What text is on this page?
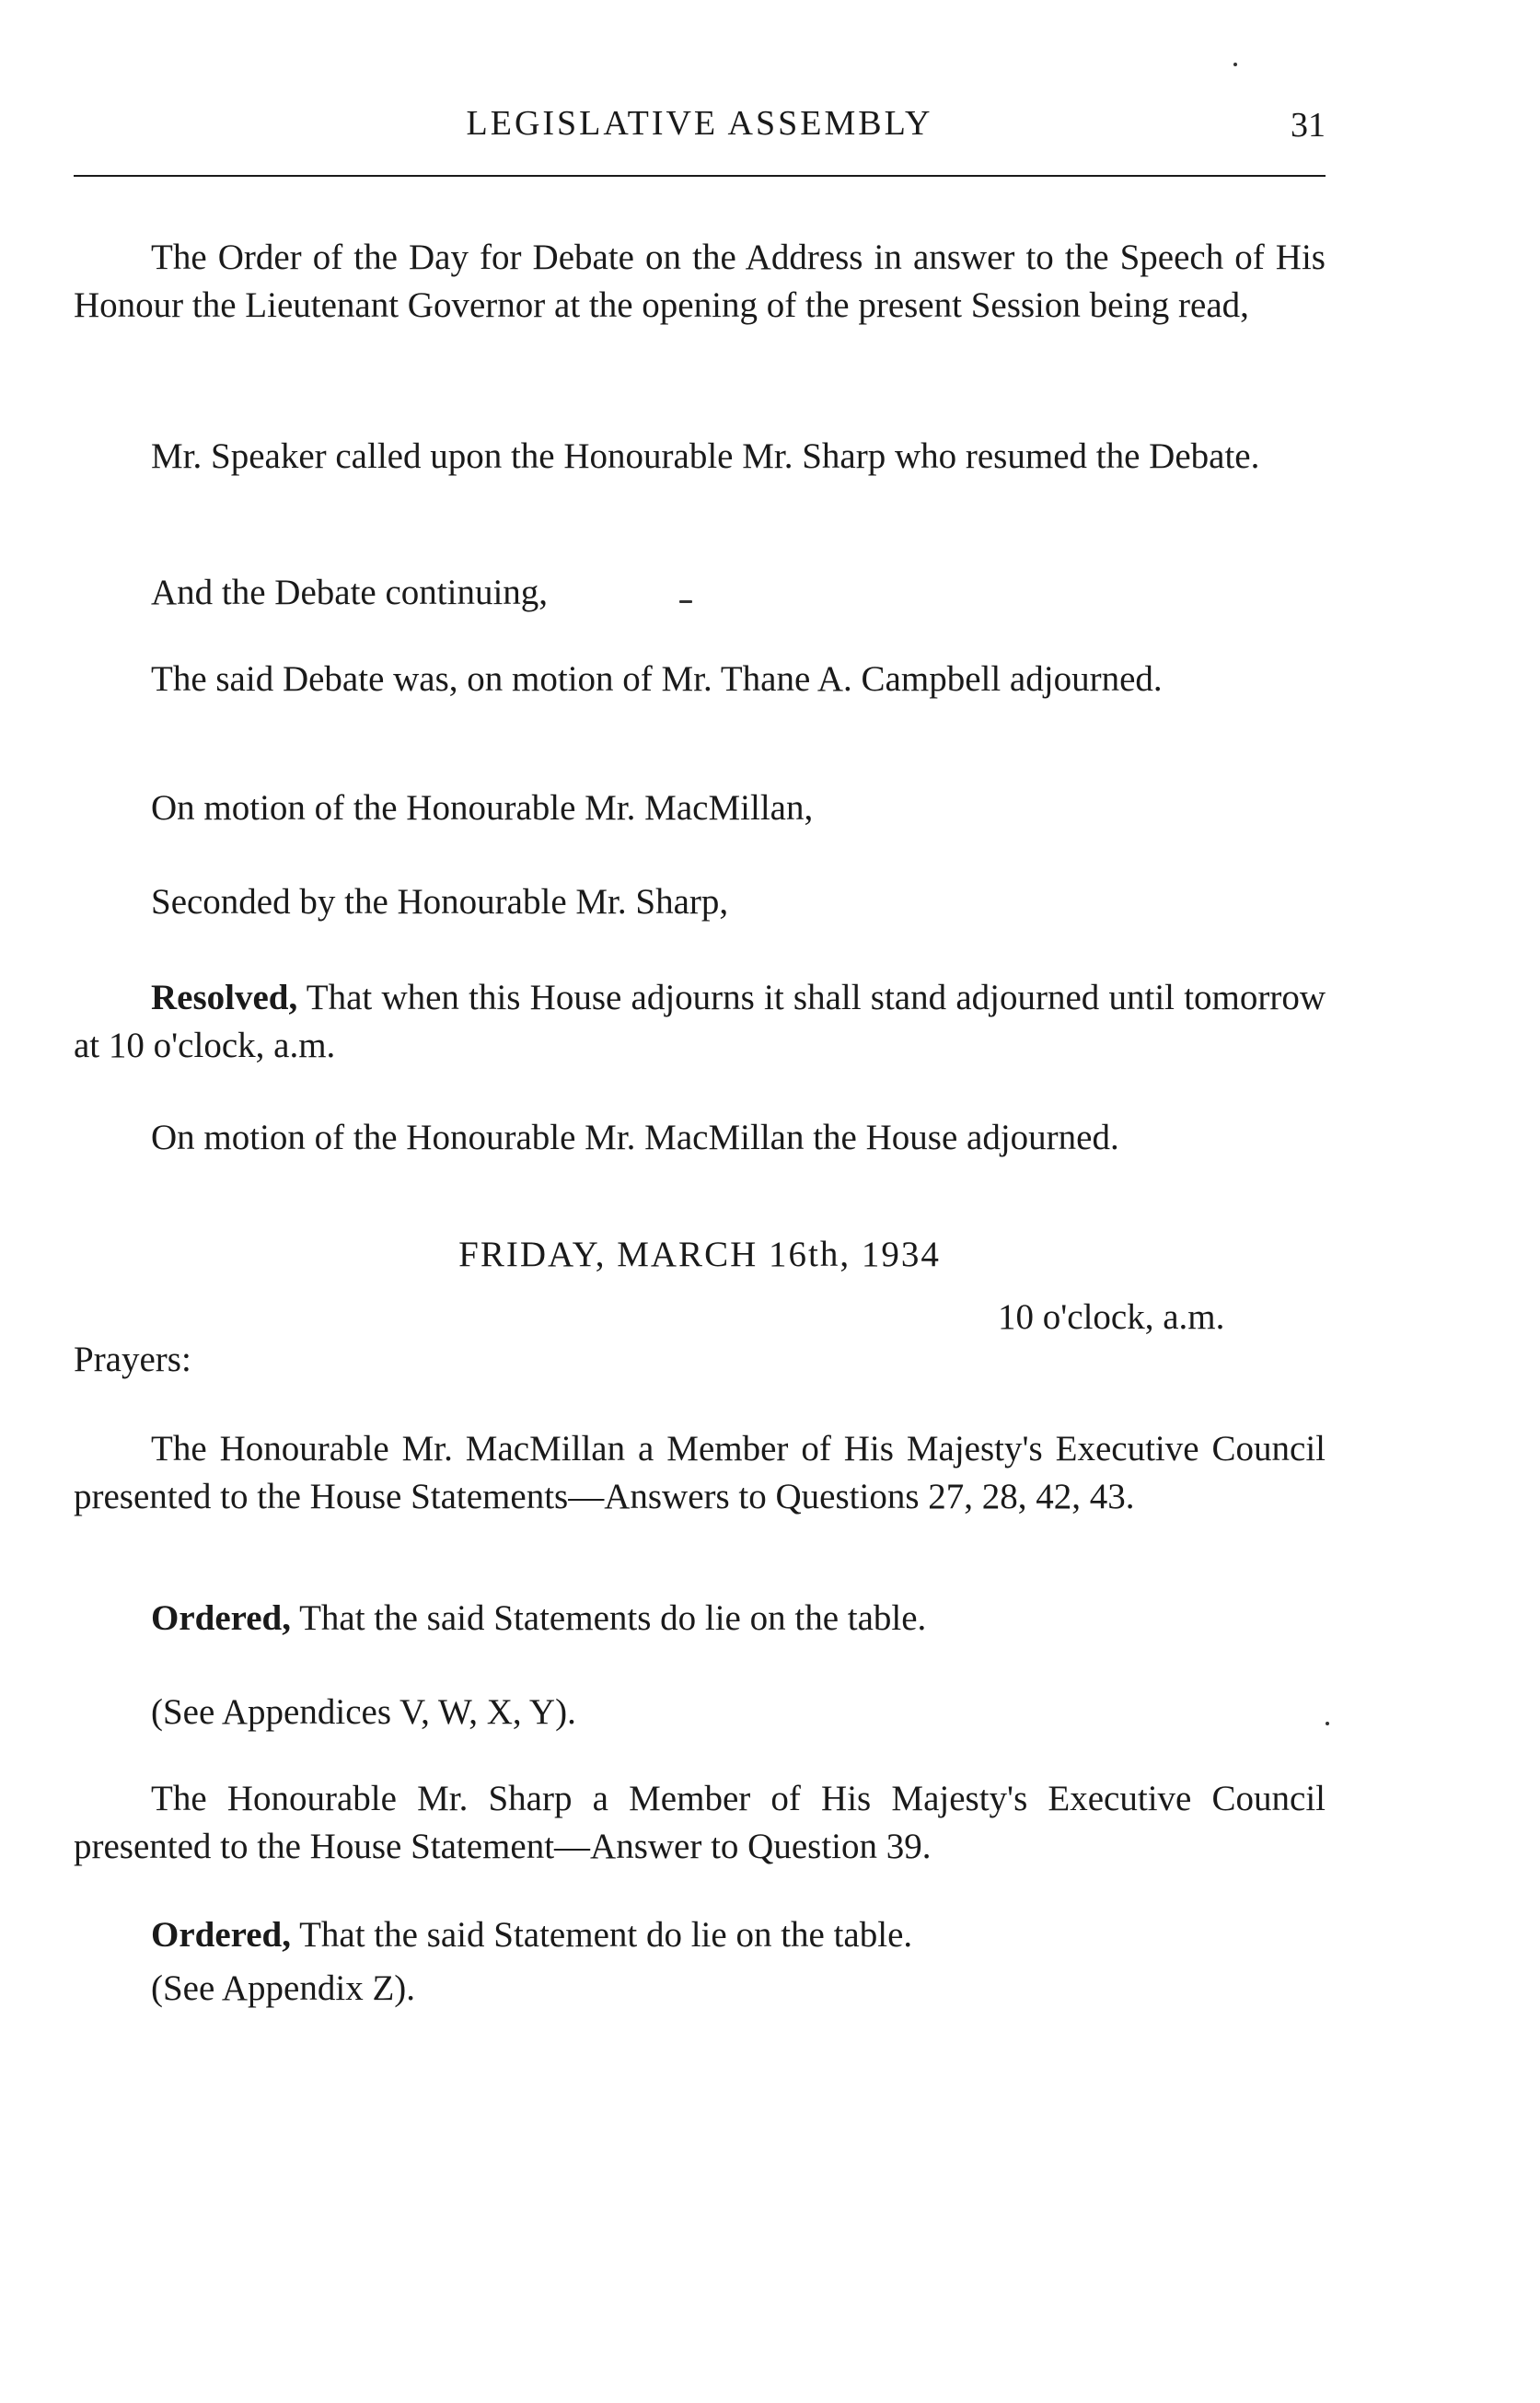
LEGISLATIVE ASSEMBLY	31

The Order of the Day for Debate on the Address in answer to the Speech of His Honour the Lieutenant Governor at the opening of the present Session being read,

Mr. Speaker called upon the Honourable Mr. Sharp who resumed the Debate.

And the Debate continuing,

The said Debate was, on motion of Mr. Thane A. Campbell adjourned.

On motion of the Honourable Mr. MacMillan,

Seconded by the Honourable Mr. Sharp,

Resolved, That when this House adjourns it shall stand adjourned until tomorrow at 10 o'clock, a.m.

On motion of the Honourable Mr. MacMillan the House adjourned.

FRIDAY, MARCH 16th, 1934
10 o'clock, a.m.
Prayers:

The Honourable Mr. MacMillan a Member of His Majesty's Executive Council presented to the House Statements—Answers to Questions 27, 28, 42, 43.

Ordered, That the said Statements do lie on the table.

(See Appendices V, W, X, Y).

The Honourable Mr. Sharp a Member of His Majesty's Executive Council presented to the House Statement—Answer to Question 39.

Ordered, That the said Statement do lie on the table.

(See Appendix Z).
